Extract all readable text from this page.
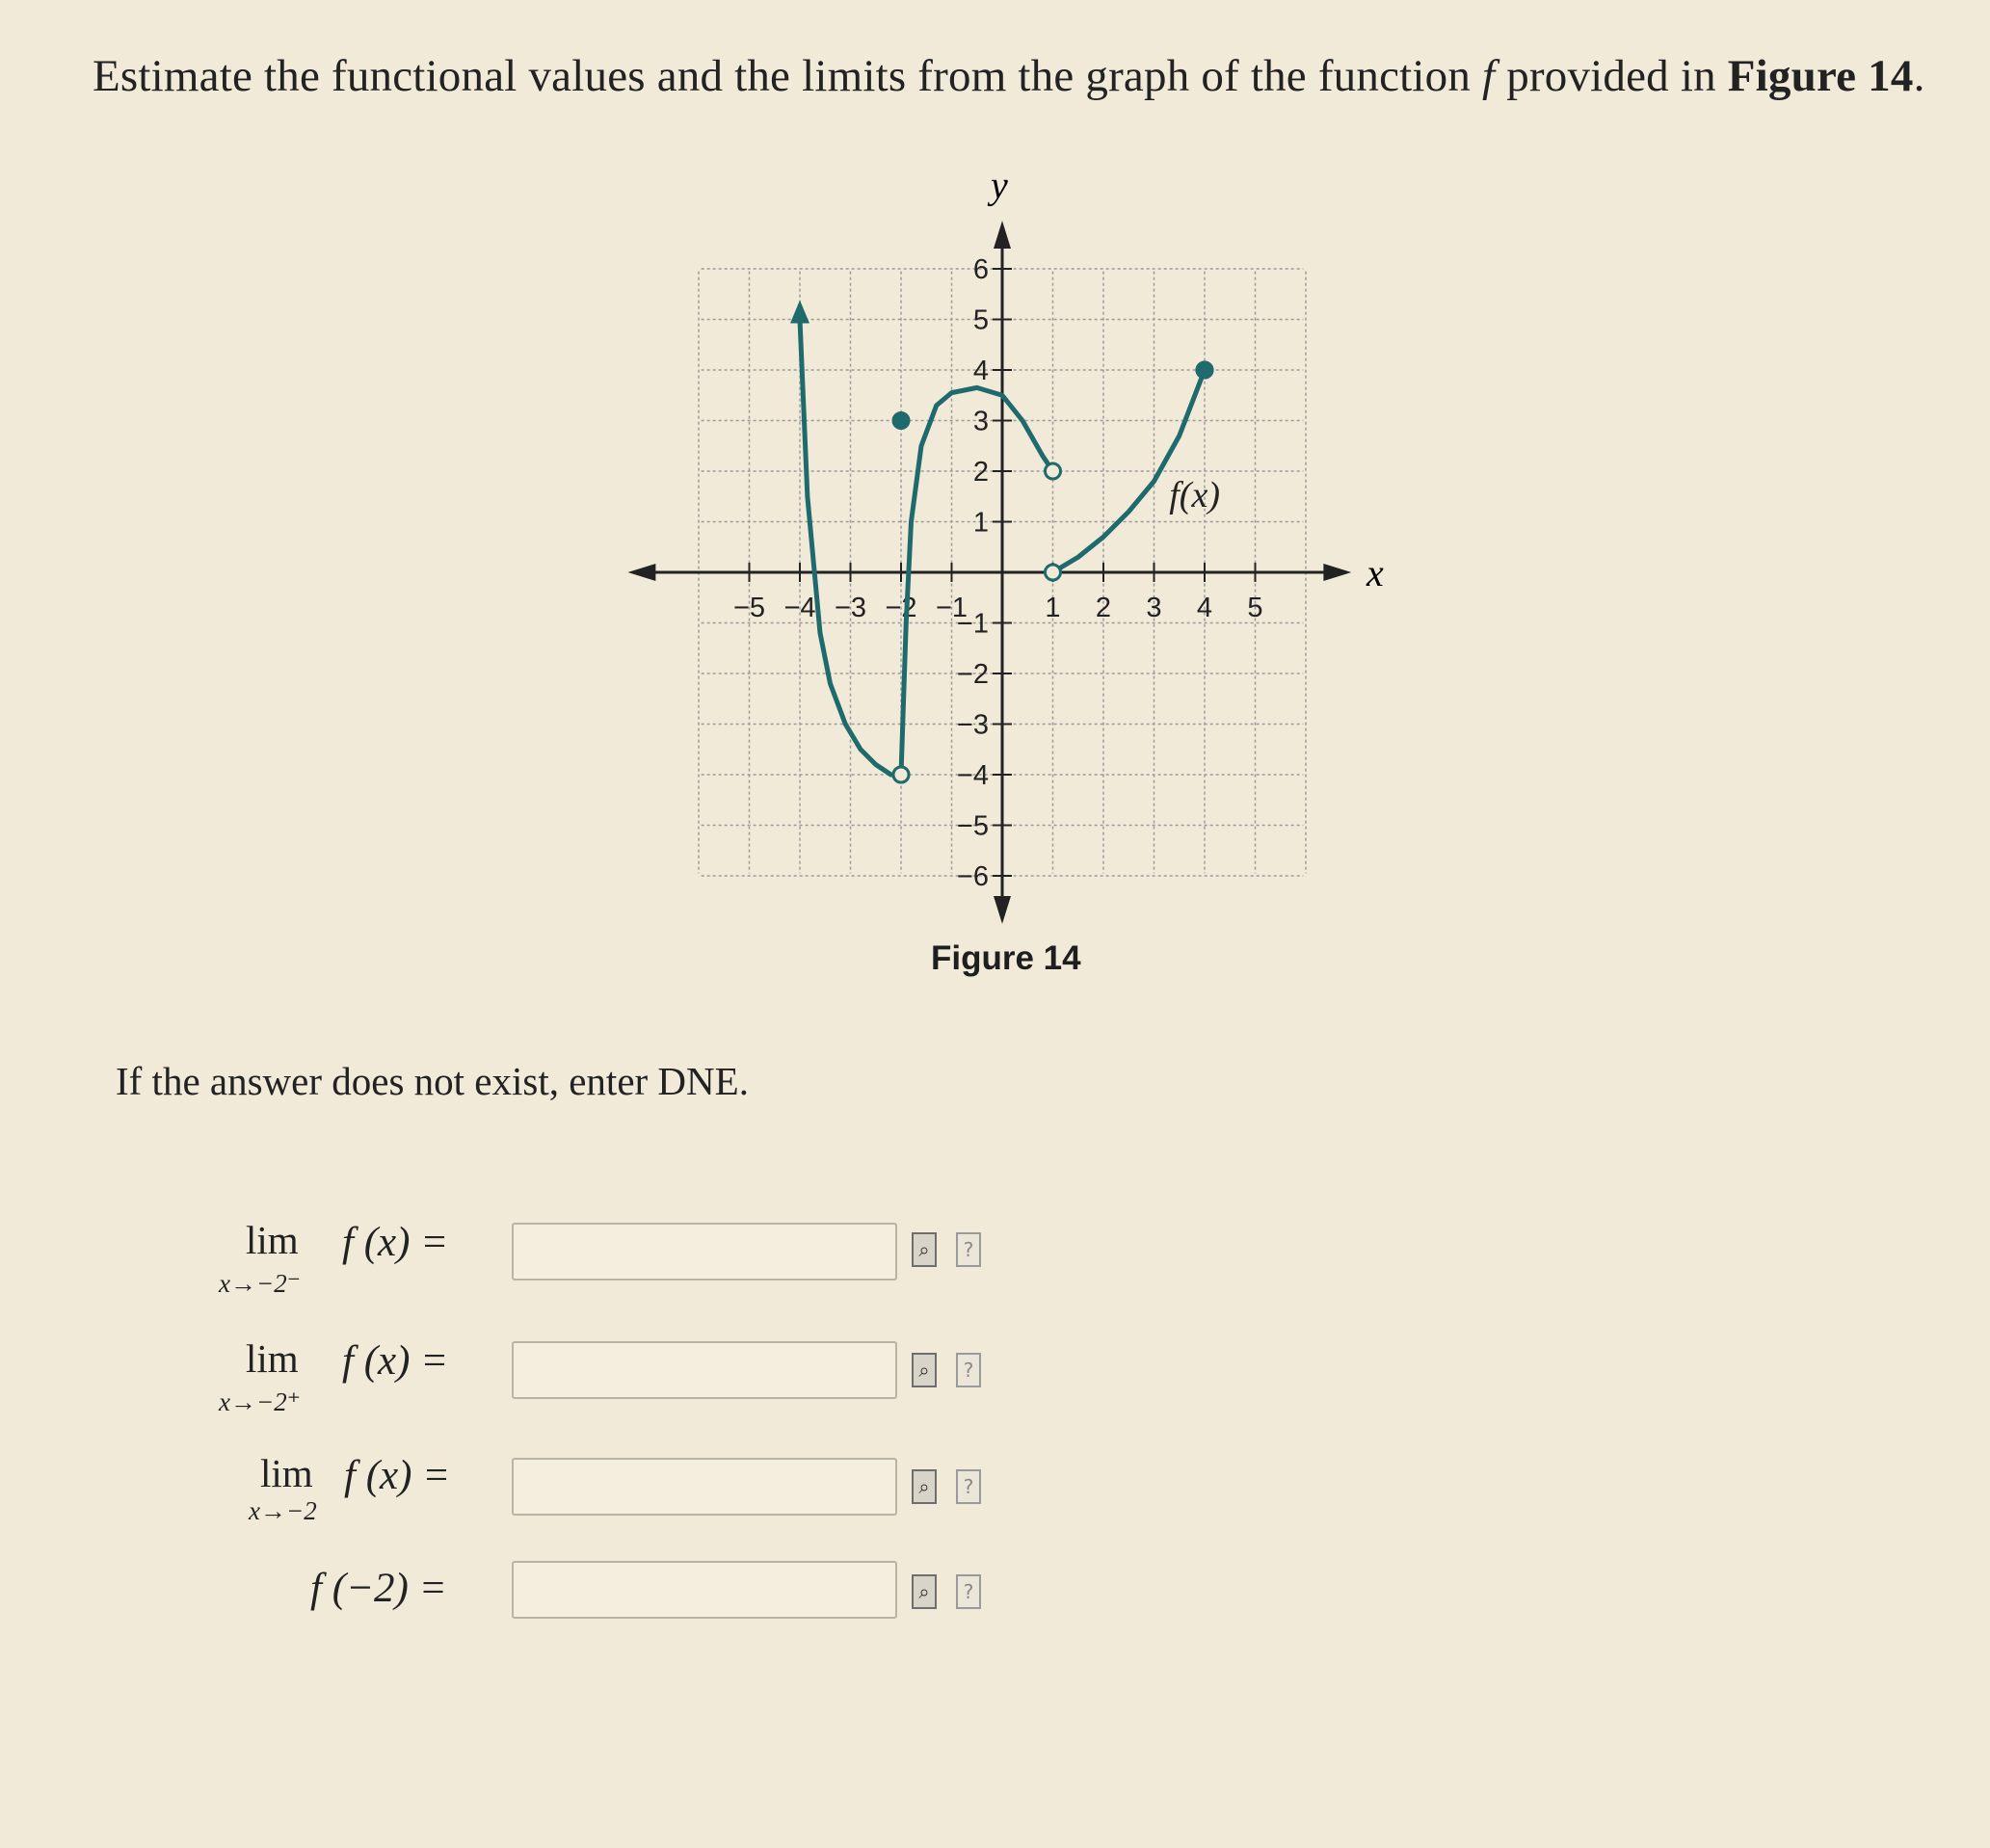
Estimate the functional values and the limits from the graph of the function f provided in Figure 14.
−5 −4 −3 −2 −1	1 2 3 4 5
6
5
4
3
2
1
−1
−2
−3
−4
−5
−6
x
y
f(x)
Figure 14
If the answer does not exist, enter DNE.
lim
x→−2⁻
f (x) =	⌕	?
lim
x→−2⁺
f (x) =	⌕	?
lim
x→−2
f (x) =	⌕	?
f (−2) =	⌕	?
